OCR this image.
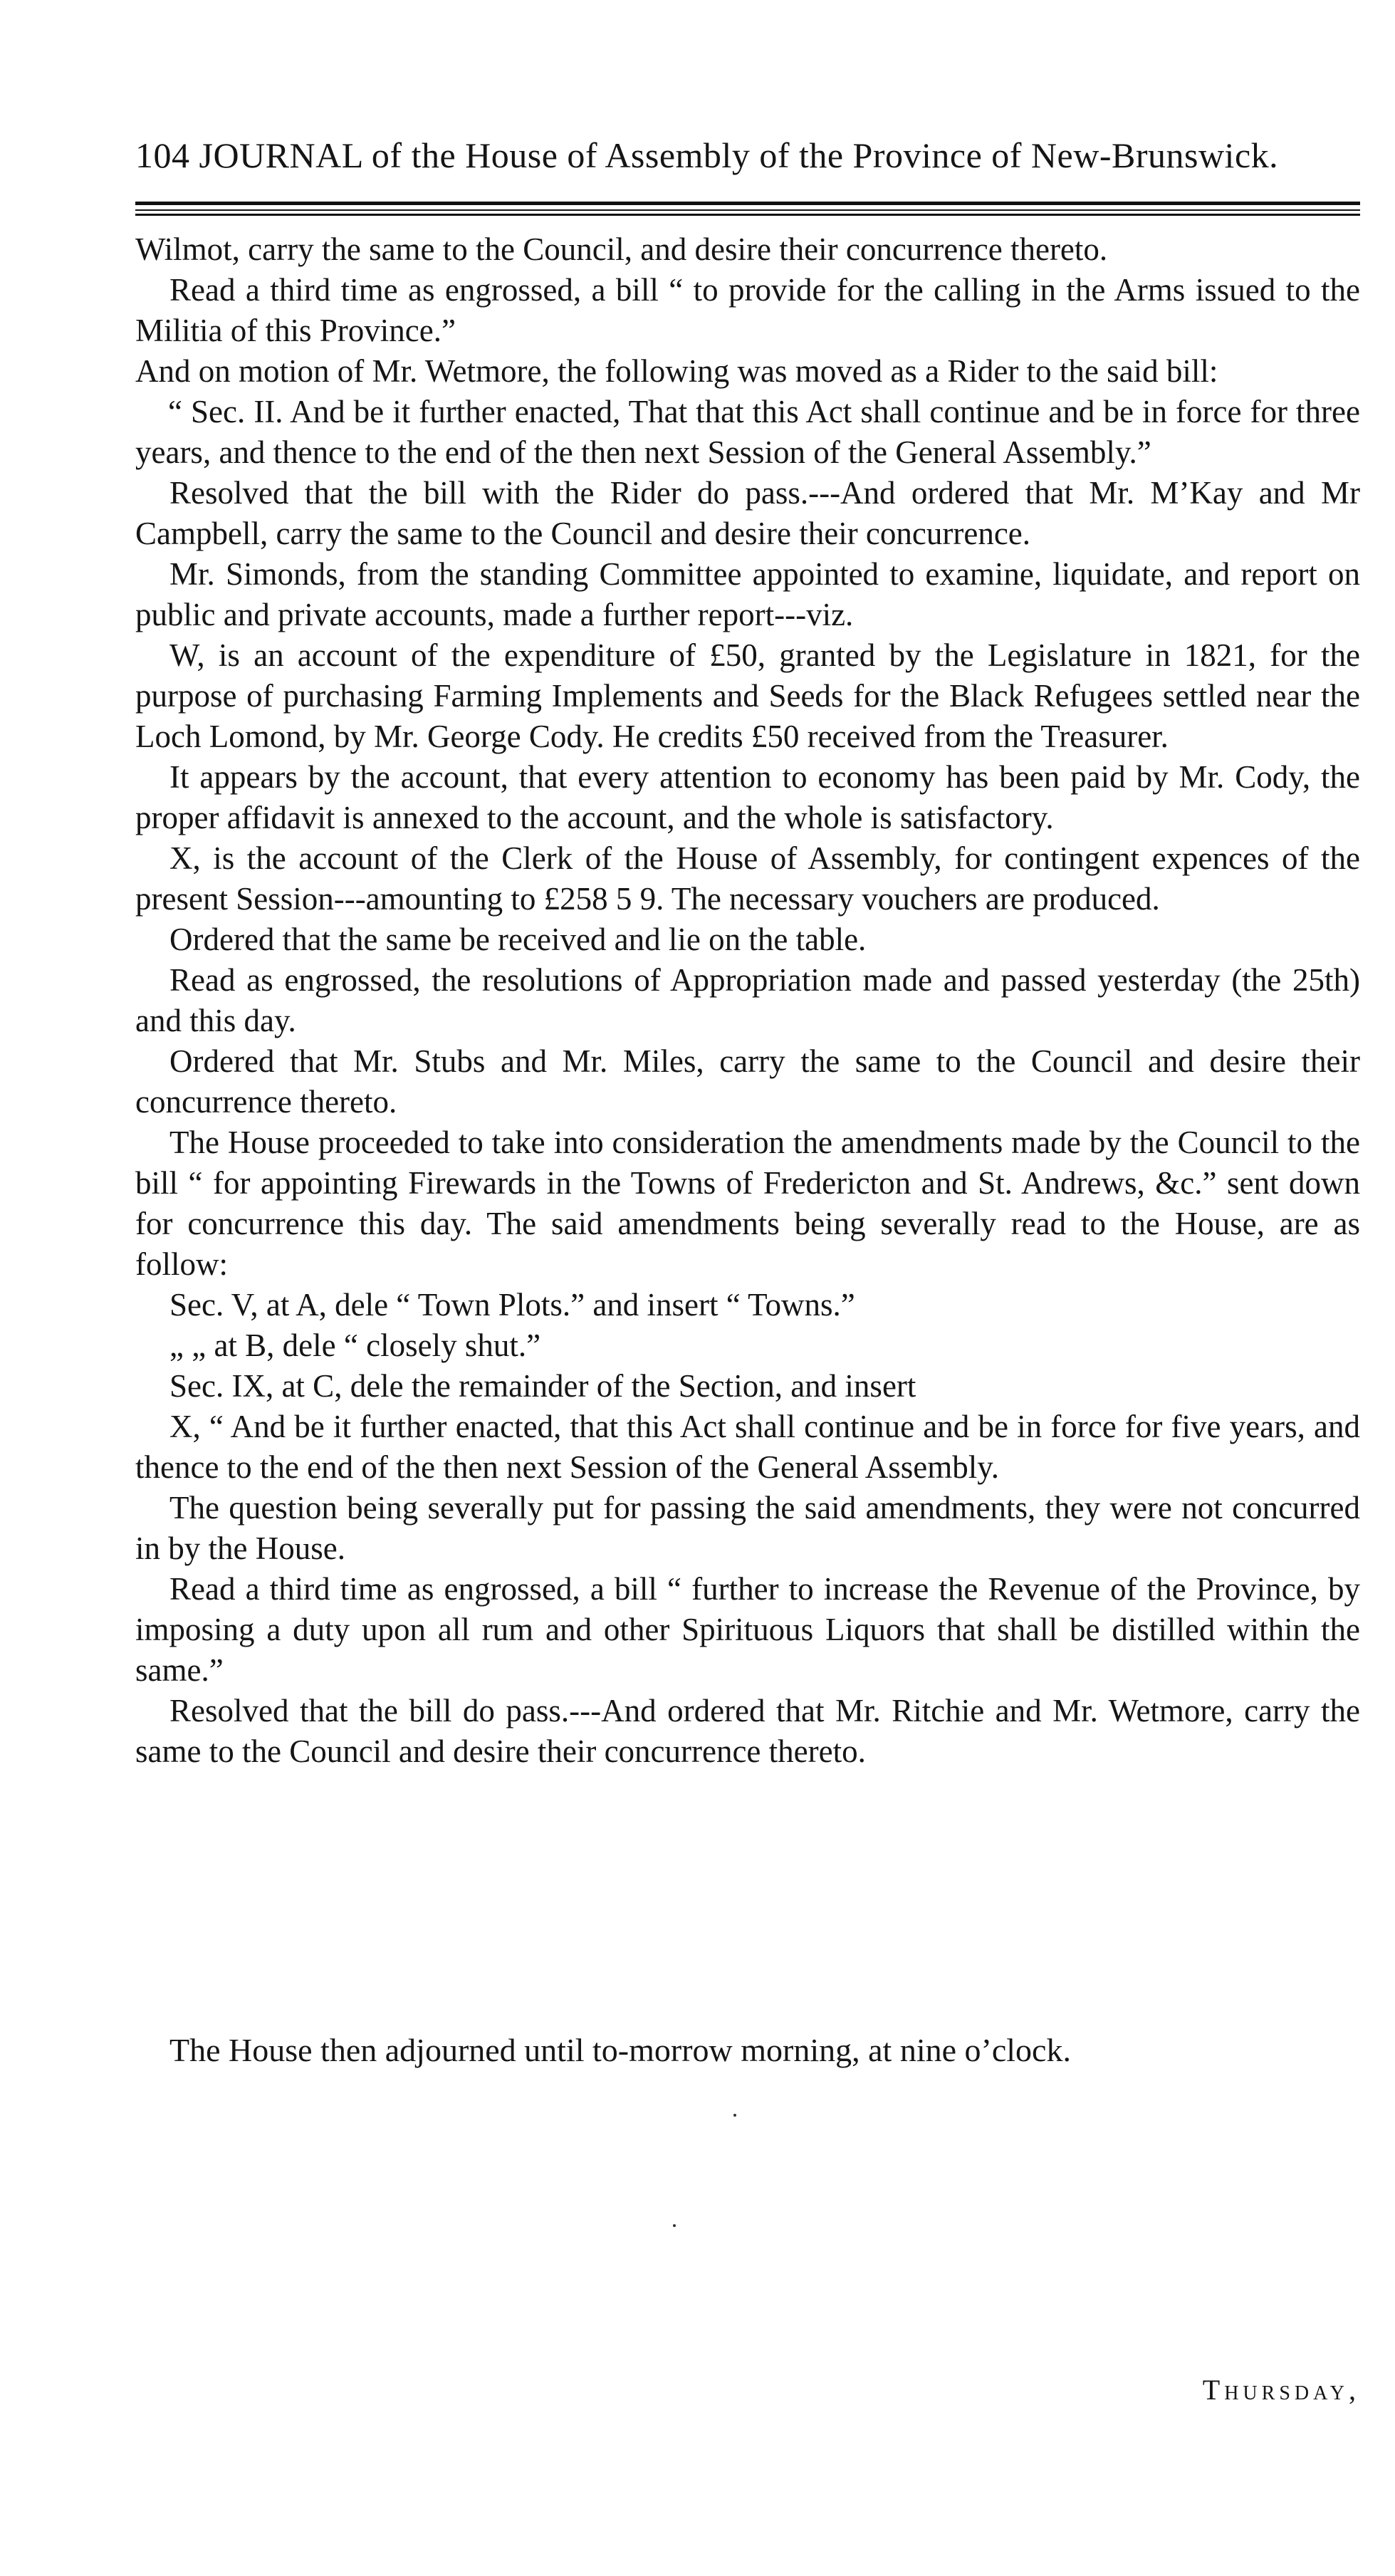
104 JOURNAL of the House of Assembly of the Province of New-Brunswick.

Wilmot, carry the same to the Council, and desire their concurrence thereto.

Read a third time as engrossed, a bill “ to provide for the calling in the Arms issued to the Militia of this Province.”

And on motion of Mr. Wetmore, the following was moved as a Rider to the said bill:

“ Sec. II. And be it further enacted, That that this Act shall continue and be in force for three years, and thence to the end of the then next Session of the General Assembly.”

Resolved that the bill with the Rider do pass.---And ordered that Mr. M’Kay and Mr Campbell, carry the same to the Council and desire their concurrence.

Mr. Simonds, from the standing Committee appointed to examine, liquidate, and report on public and private accounts, made a further report---viz.

W, is an account of the expenditure of £50, granted by the Legislature in 1821, for the purpose of purchasing Farming Implements and Seeds for the Black Refugees settled near the Loch Lomond, by Mr. George Cody. He credits £50 received from the Treasurer.

It appears by the account, that every attention to economy has been paid by Mr. Cody, the proper affidavit is annexed to the account, and the whole is satisfactory.

X, is the account of the Clerk of the House of Assembly, for contingent expences of the present Session---amounting to £258 5 9. The necessary vouchers are produced.

Ordered that the same be received and lie on the table.

Read as engrossed, the resolutions of Appropriation made and passed yesterday (the 25th) and this day.

Ordered that Mr. Stubs and Mr. Miles, carry the same to the Council and desire their concurrence thereto.

The House proceeded to take into consideration the amendments made by the Council to the bill “ for appointing Firewards in the Towns of Fredericton and St. Andrews, &c.” sent down for concurrence this day. The said amendments being severally read to the House, are as follow:

Sec. V, at A, dele “ Town Plots.” and insert “ Towns.”

„ „ at B, dele “ closely shut.”

Sec. IX, at C, dele the remainder of the Section, and insert

X, “ And be it further enacted, that this Act shall continue and be in force for five years, and thence to the end of the then next Session of the General Assembly.

The question being severally put for passing the said amendments, they were not concurred in by the House.

Read a third time as engrossed, a bill “ further to increase the Revenue of the Province, by imposing a duty upon all rum and other Spirituous Liquors that shall be distilled within the same.”

Resolved that the bill do pass.---And ordered that Mr. Ritchie and Mr. Wetmore, carry the same to the Council and desire their concurrence thereto.

The House then adjourned until to-morrow morning, at nine o’clock.
Thursday,
